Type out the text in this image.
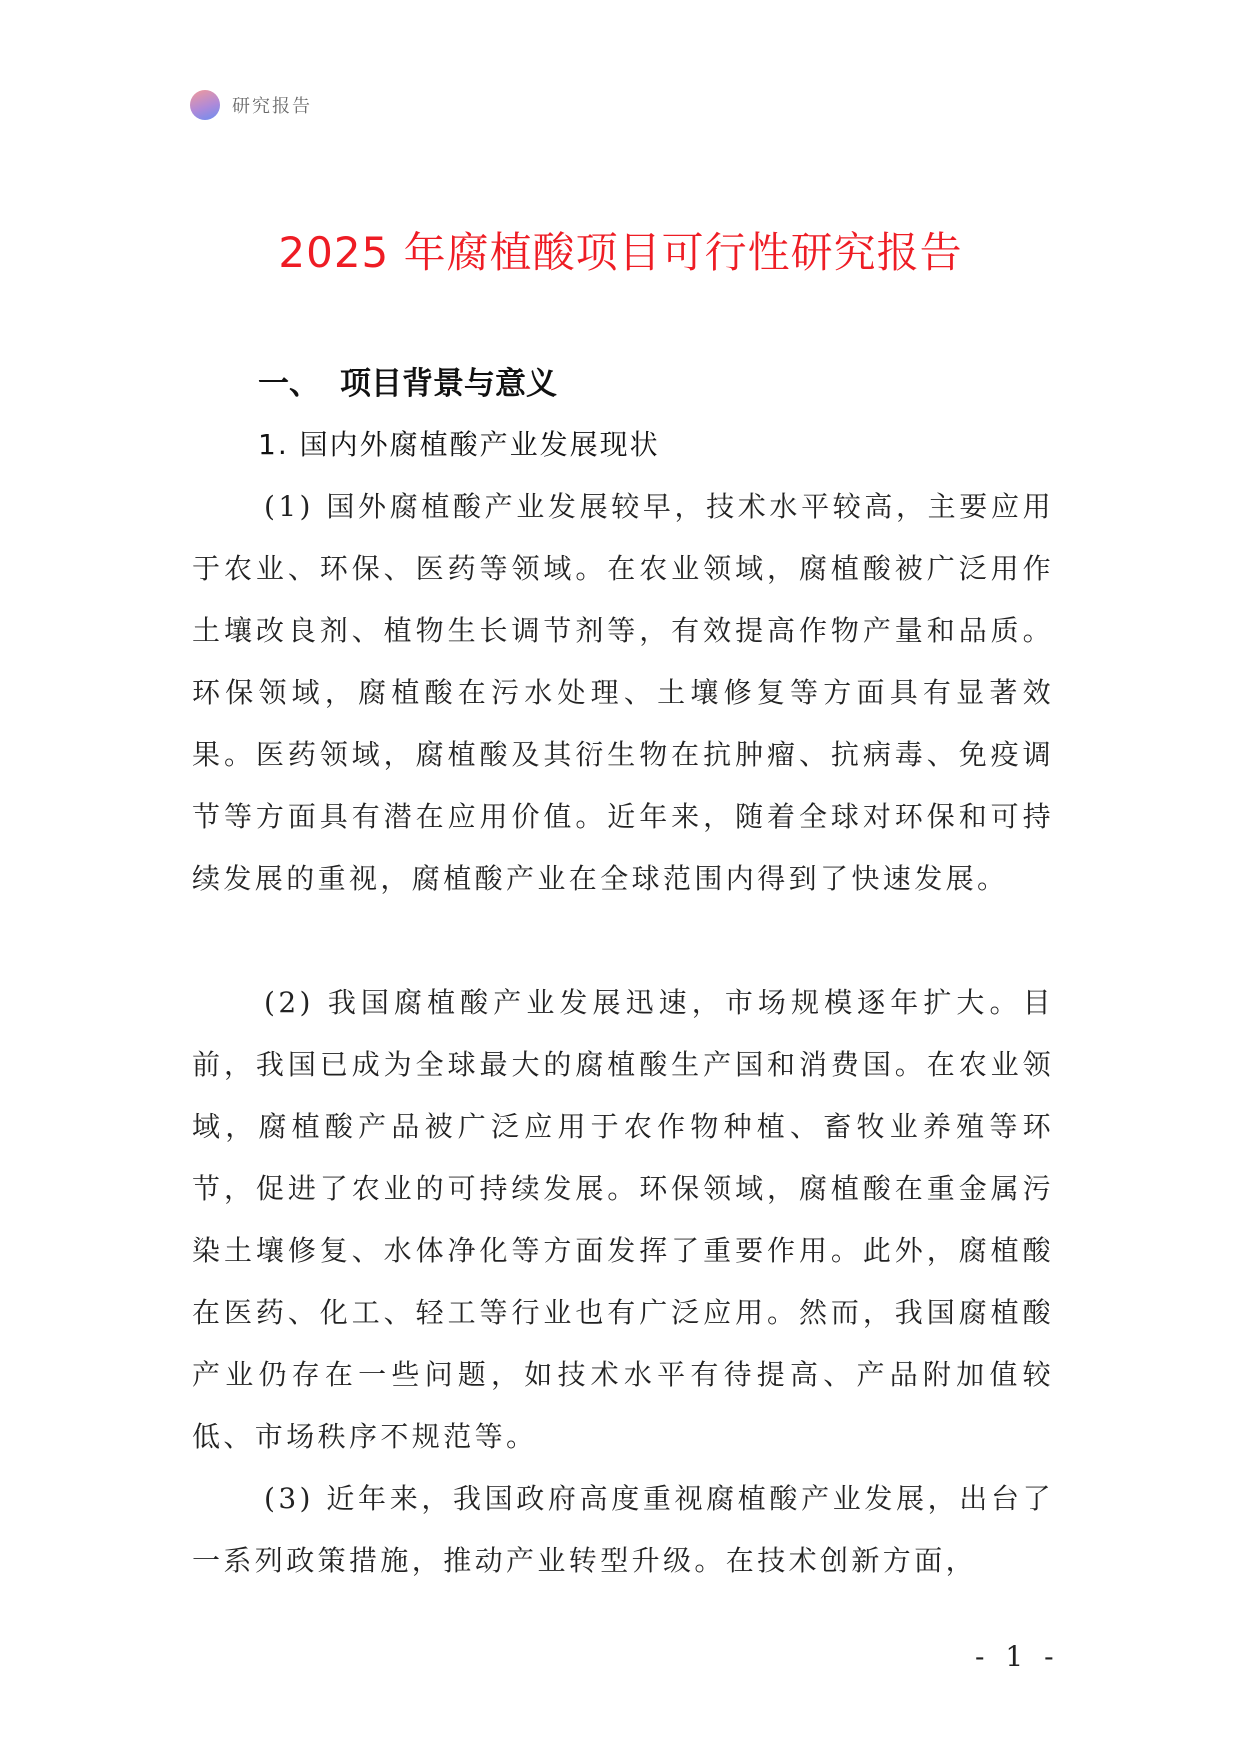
研究报告
2025 年腐植酸项目可行性研究报告
一、 项目背景与意义
1. 国内外腐植酸产业发展现状

(1) 国外腐植酸产业发展较早，技术水平较高，主要应用于农业、环保、医药等领域。在农业领域，腐植酸被广泛用作土壤改良剂、植物生长调节剂等，有效提高作物产量和品质。环保领域，腐植酸在污水处理、土壤修复等方面具有显著效果。医药领域，腐植酸及其衍生物在抗肿瘤、抗病毒、免疫调节等方面具有潜在应用价值。近年来，随着全球对环保和可持续发展的重视，腐植酸产业在全球范围内得到了快速发展。

(2) 我国腐植酸产业发展迅速，市场规模逐年扩大。目前，我国已成为全球最大的腐植酸生产国和消费国。在农业领域，腐植酸产品被广泛应用于农作物种植、畜牧业养殖等环节，促进了农业的可持续发展。环保领域，腐植酸在重金属污染土壤修复、水体净化等方面发挥了重要作用。此外，腐植酸在医药、化工、轻工等行业也有广泛应用。然而，我国腐植酸产业仍存在一些问题，如技术水平有待提高、产品附加值较低、市场秩序不规范等。

(3) 近年来，我国政府高度重视腐植酸产业发展，出台了一系列政策措施，推动产业转型升级。在技术创新方面，

- 1 -
